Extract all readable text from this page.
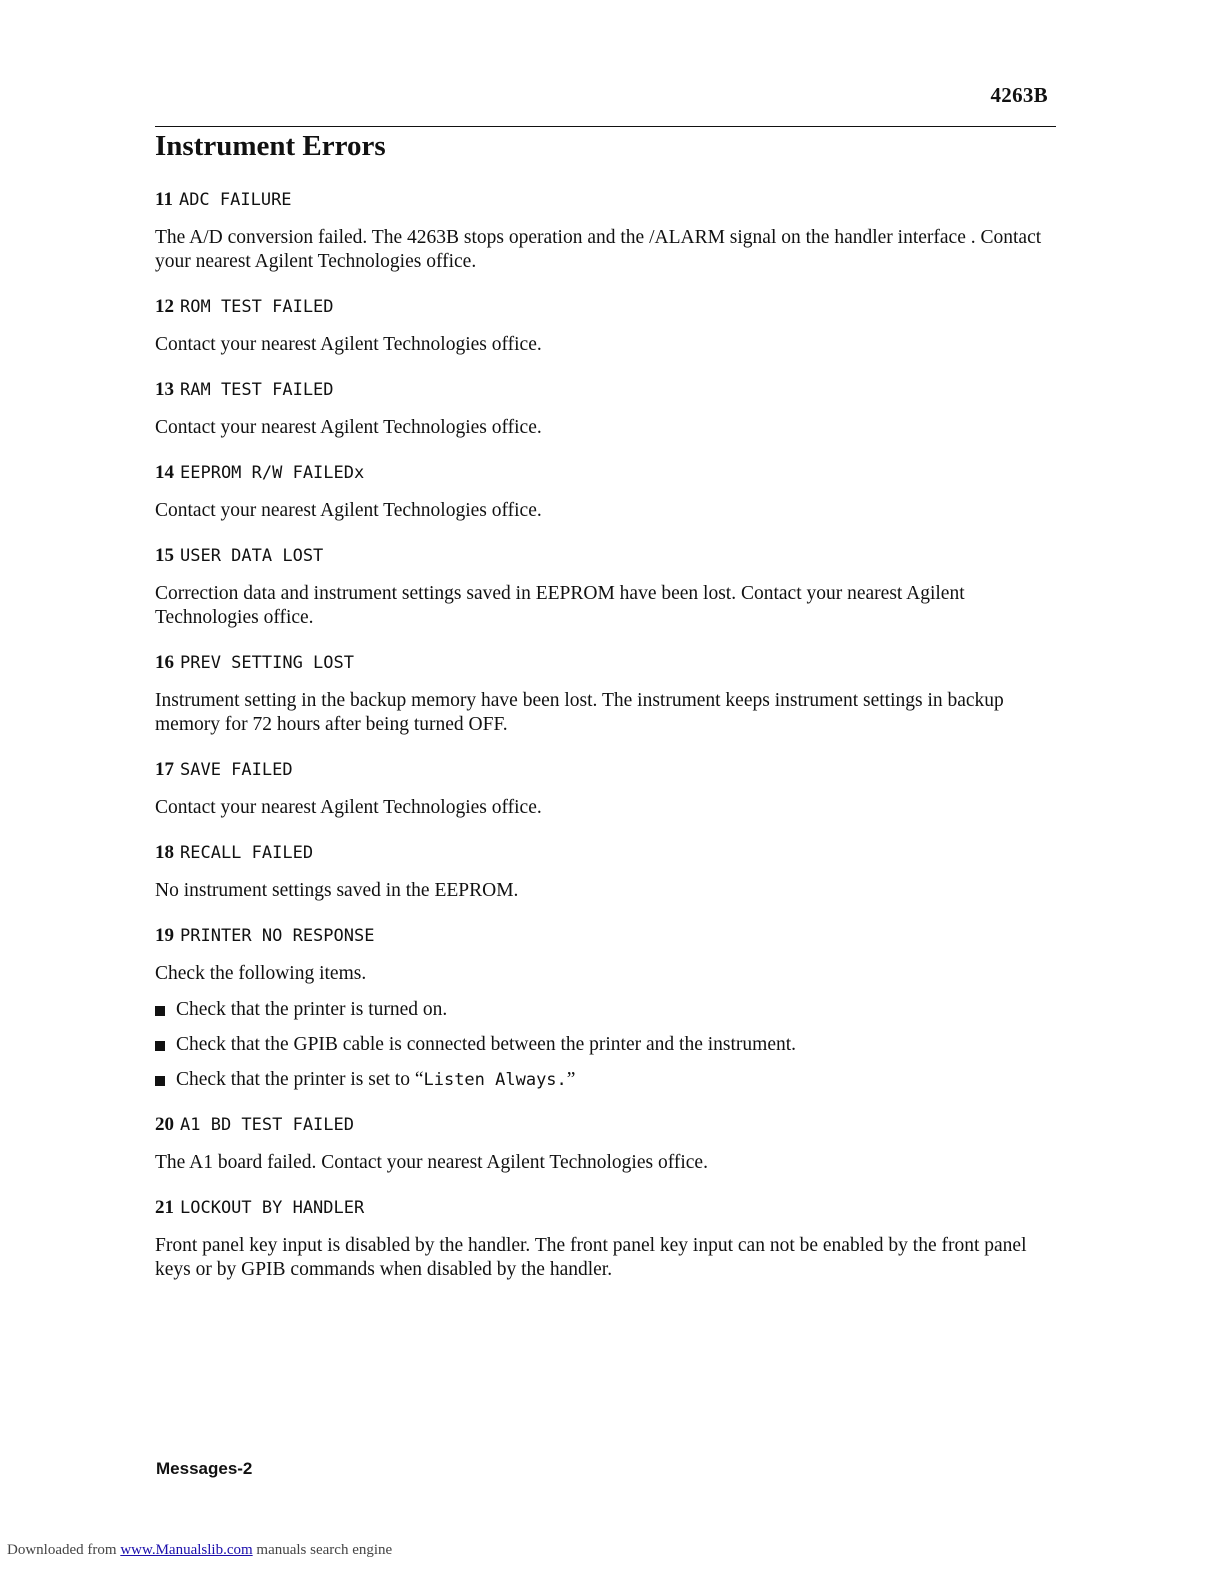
4263B
Instrument Errors
11 ADC FAILURE

The A/D conversion failed. The 4263B stops operation and the /ALARM signal on the handler interface . Contact your nearest Agilent Technologies office.

12 ROM TEST FAILED

Contact your nearest Agilent Technologies office.

13 RAM TEST FAILED

Contact your nearest Agilent Technologies office.

14 EEPROM R/W FAILEDx

Contact your nearest Agilent Technologies office.

15 USER DATA LOST

Correction data and instrument settings saved in EEPROM have been lost. Contact your nearest Agilent Technologies office.

16 PREV SETTING LOST

Instrument setting in the backup memory have been lost. The instrument keeps instrument settings in backup memory for 72 hours after being turned OFF.

17 SAVE FAILED

Contact your nearest Agilent Technologies office.

18 RECALL FAILED

No instrument settings saved in the EEPROM.

19 PRINTER NO RESPONSE

Check the following items.

Check that the printer is turned on.
Check that the GPIB cable is connected between the printer and the instrument.
Check that the printer is set to “Listen Always.”
20 A1 BD TEST FAILED

The A1 board failed. Contact your nearest Agilent Technologies office.

21 LOCKOUT BY HANDLER

Front panel key input is disabled by the handler. The front panel key input can not be enabled by the front panel keys or by GPIB commands when disabled by the handler.

Messages-2
Downloaded from www.Manualslib.com manuals search engine
